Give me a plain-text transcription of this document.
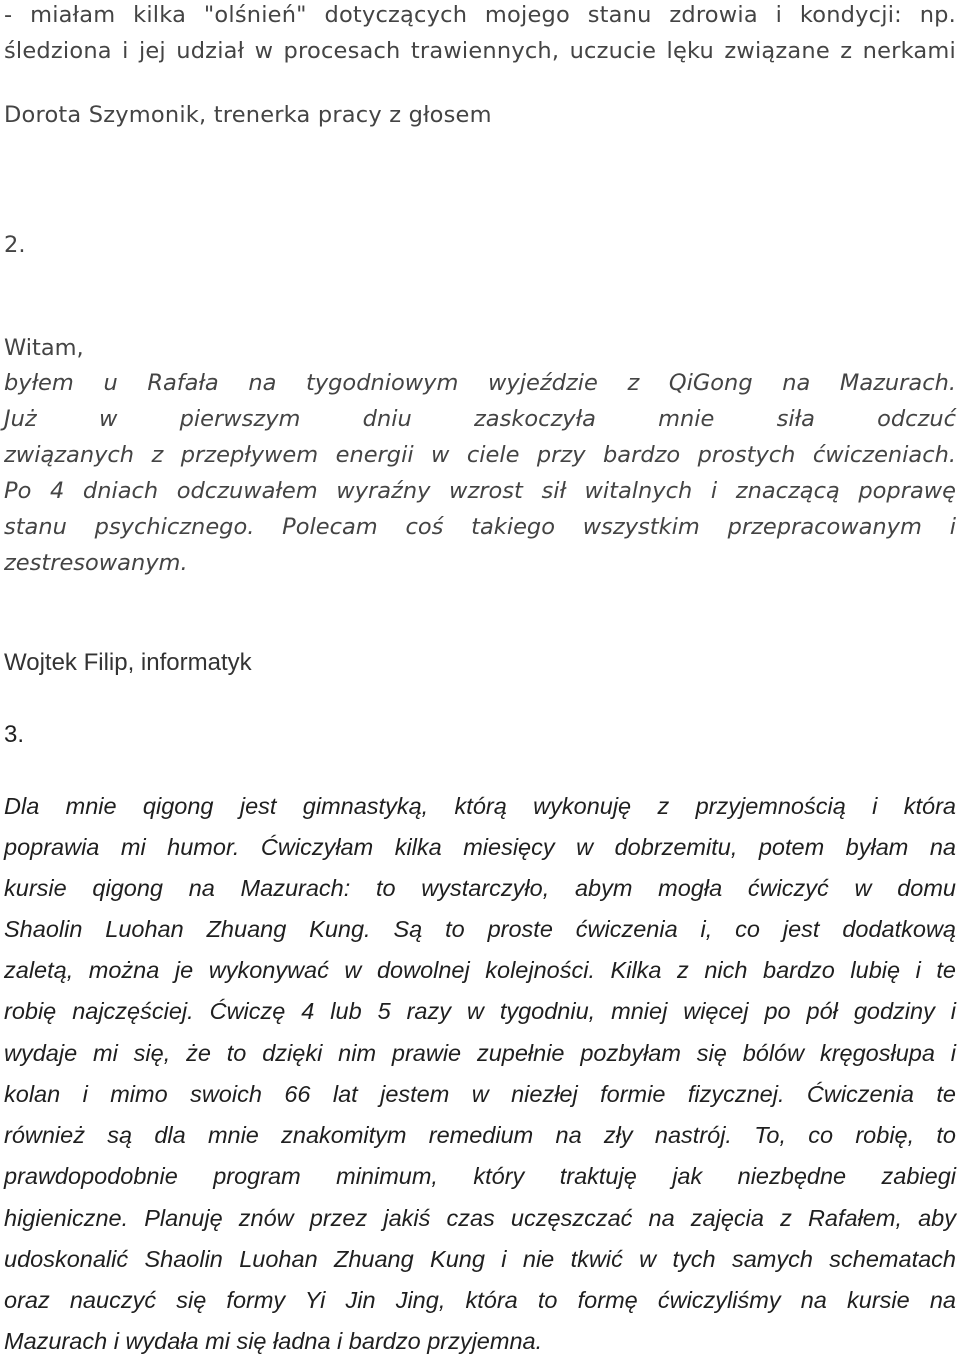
- miałam kilka "olśnień" dotyczących mojego stanu zdrowia i kondycji: np.
śledziona i jej udział w procesach trawiennych, uczucie lęku związane z nerkami
Dorota Szymonik, trenerka pracy z głosem
2.
Witam,
byłem u Rafała na tygodniowym wyjeździe z QiGong na Mazurach.
Już w pierwszym dniu zaskoczyła mnie siła odczuć
związanych z przepływem energii w ciele przy bardzo prostych ćwiczeniach.
Po 4 dniach odczuwałem wyraźny wzrost sił witalnych i znaczącą poprawę
stanu psychicznego. Polecam coś takiego wszystkim przepracowanym i
zestresowanym.
Wojtek Filip, informatyk
3.
Dla mnie qigong jest gimnastyką, którą wykonuję z przyjemnością i która
poprawia mi humor. Ćwiczyłam kilka miesięcy w dobrzemitu, potem byłam na
kursie qigong na Mazurach: to wystarczyło, abym mogła ćwiczyć w domu
Shaolin Luohan Zhuang Kung. Są to proste ćwiczenia i, co jest dodatkową
zaletą, można je wykonywać w dowolnej kolejności. Kilka z nich bardzo lubię i te
robię najczęściej. Ćwiczę 4 lub 5 razy w tygodniu, mniej więcej po pół godziny i
wydaje mi się, że to dzięki nim prawie zupełnie pozbyłam się bólów kręgosłupa i
kolan i mimo swoich 66 lat jestem w niezłej formie fizycznej. Ćwiczenia te
również są dla mnie znakomitym remedium na zły nastrój. To, co robię, to
prawdopodobnie program minimum, który traktuję jak niezbędne zabiegi
higieniczne. Planuję znów przez jakiś czas uczęszczać na zajęcia z Rafałem, aby
udoskonalić Shaolin Luohan Zhuang Kung i nie tkwić w tych samych schematach
oraz nauczyć się formy Yi Jin Jing, która to formę ćwiczyliśmy na kursie na
Mazurach i wydała mi się ładna i bardzo przyjemna.
